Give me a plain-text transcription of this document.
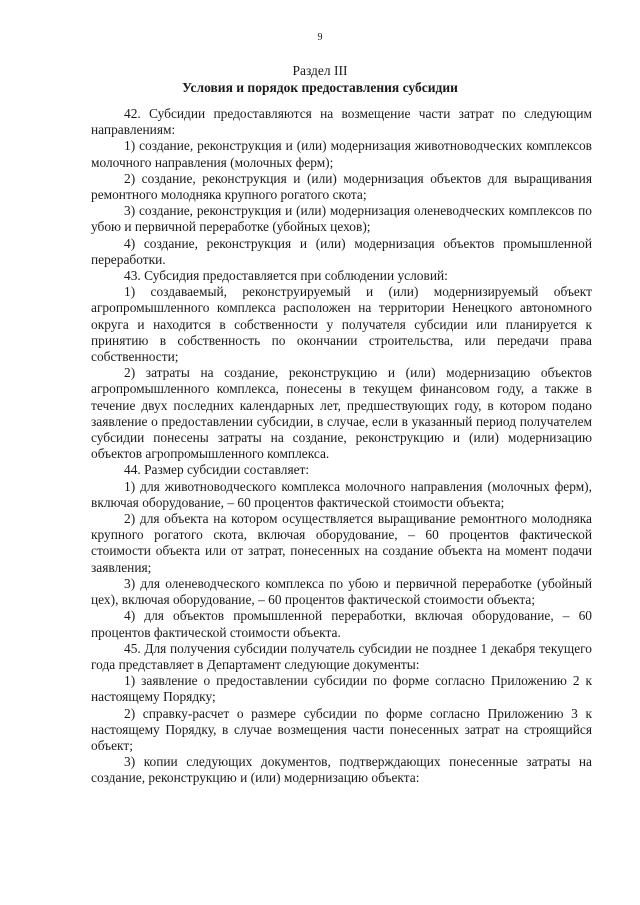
9
Раздел III
Условия и порядок предоставления субсидии

42. Субсидии предоставляются на возмещение части затрат по следующим направлениям:

1) создание, реконструкция и (или) модернизация животноводческих комплексов молочного направления (молочных ферм);

2) создание, реконструкция и (или) модернизация объектов для выращивания ремонтного молодняка крупного рогатого скота;

3) создание, реконструкция и (или) модернизация оленеводческих комплексов по убою и первичной переработке (убойных цехов);

4) создание, реконструкция и (или) модернизация объектов промышленной переработки.

43. Субсидия предоставляется при соблюдении условий:

1) создаваемый, реконструируемый и (или) модернизируемый объект агропромышленного комплекса расположен на территории Ненецкого автономного округа и находится в собственности у получателя субсидии или планируется к принятию в собственность по окончании строительства, или передачи права собственности;

2) затраты на создание, реконструкцию и (или) модернизацию объектов агропромышленного комплекса, понесены в текущем финансовом году, а также в течение двух последних календарных лет, предшествующих году, в котором подано заявление о предоставлении субсидии, в случае, если в указанный период получателем субсидии понесены затраты на создание, реконструкцию и (или) модернизацию объектов агропромышленного комплекса.

44. Размер субсидии составляет:

1) для животноводческого комплекса молочного направления (молочных ферм), включая оборудование, – 60 процентов фактической стоимости объекта;

2) для объекта на котором осуществляется выращивание ремонтного молодняка крупного рогатого скота, включая оборудование, – 60 процентов фактической стоимости объекта или от затрат, понесенных на создание объекта на момент подачи заявления;

3) для оленеводческого комплекса по убою и первичной переработке (убойный цех), включая оборудование, – 60 процентов фактической стоимости объекта;

4) для объектов промышленной переработки, включая оборудование, – 60 процентов фактической стоимости объекта.

45. Для получения субсидии получатель субсидии не позднее 1 декабря текущего года представляет в Департамент следующие документы:

1) заявление о предоставлении субсидии по форме согласно Приложению 2 к настоящему Порядку;

2) справку-расчет о размере субсидии по форме согласно Приложению 3 к настоящему Порядку, в случае возмещения части понесенных затрат на строящийся объект;

3) копии следующих документов, подтверждающих понесенные затраты на создание, реконструкцию и (или) модернизацию объекта:
